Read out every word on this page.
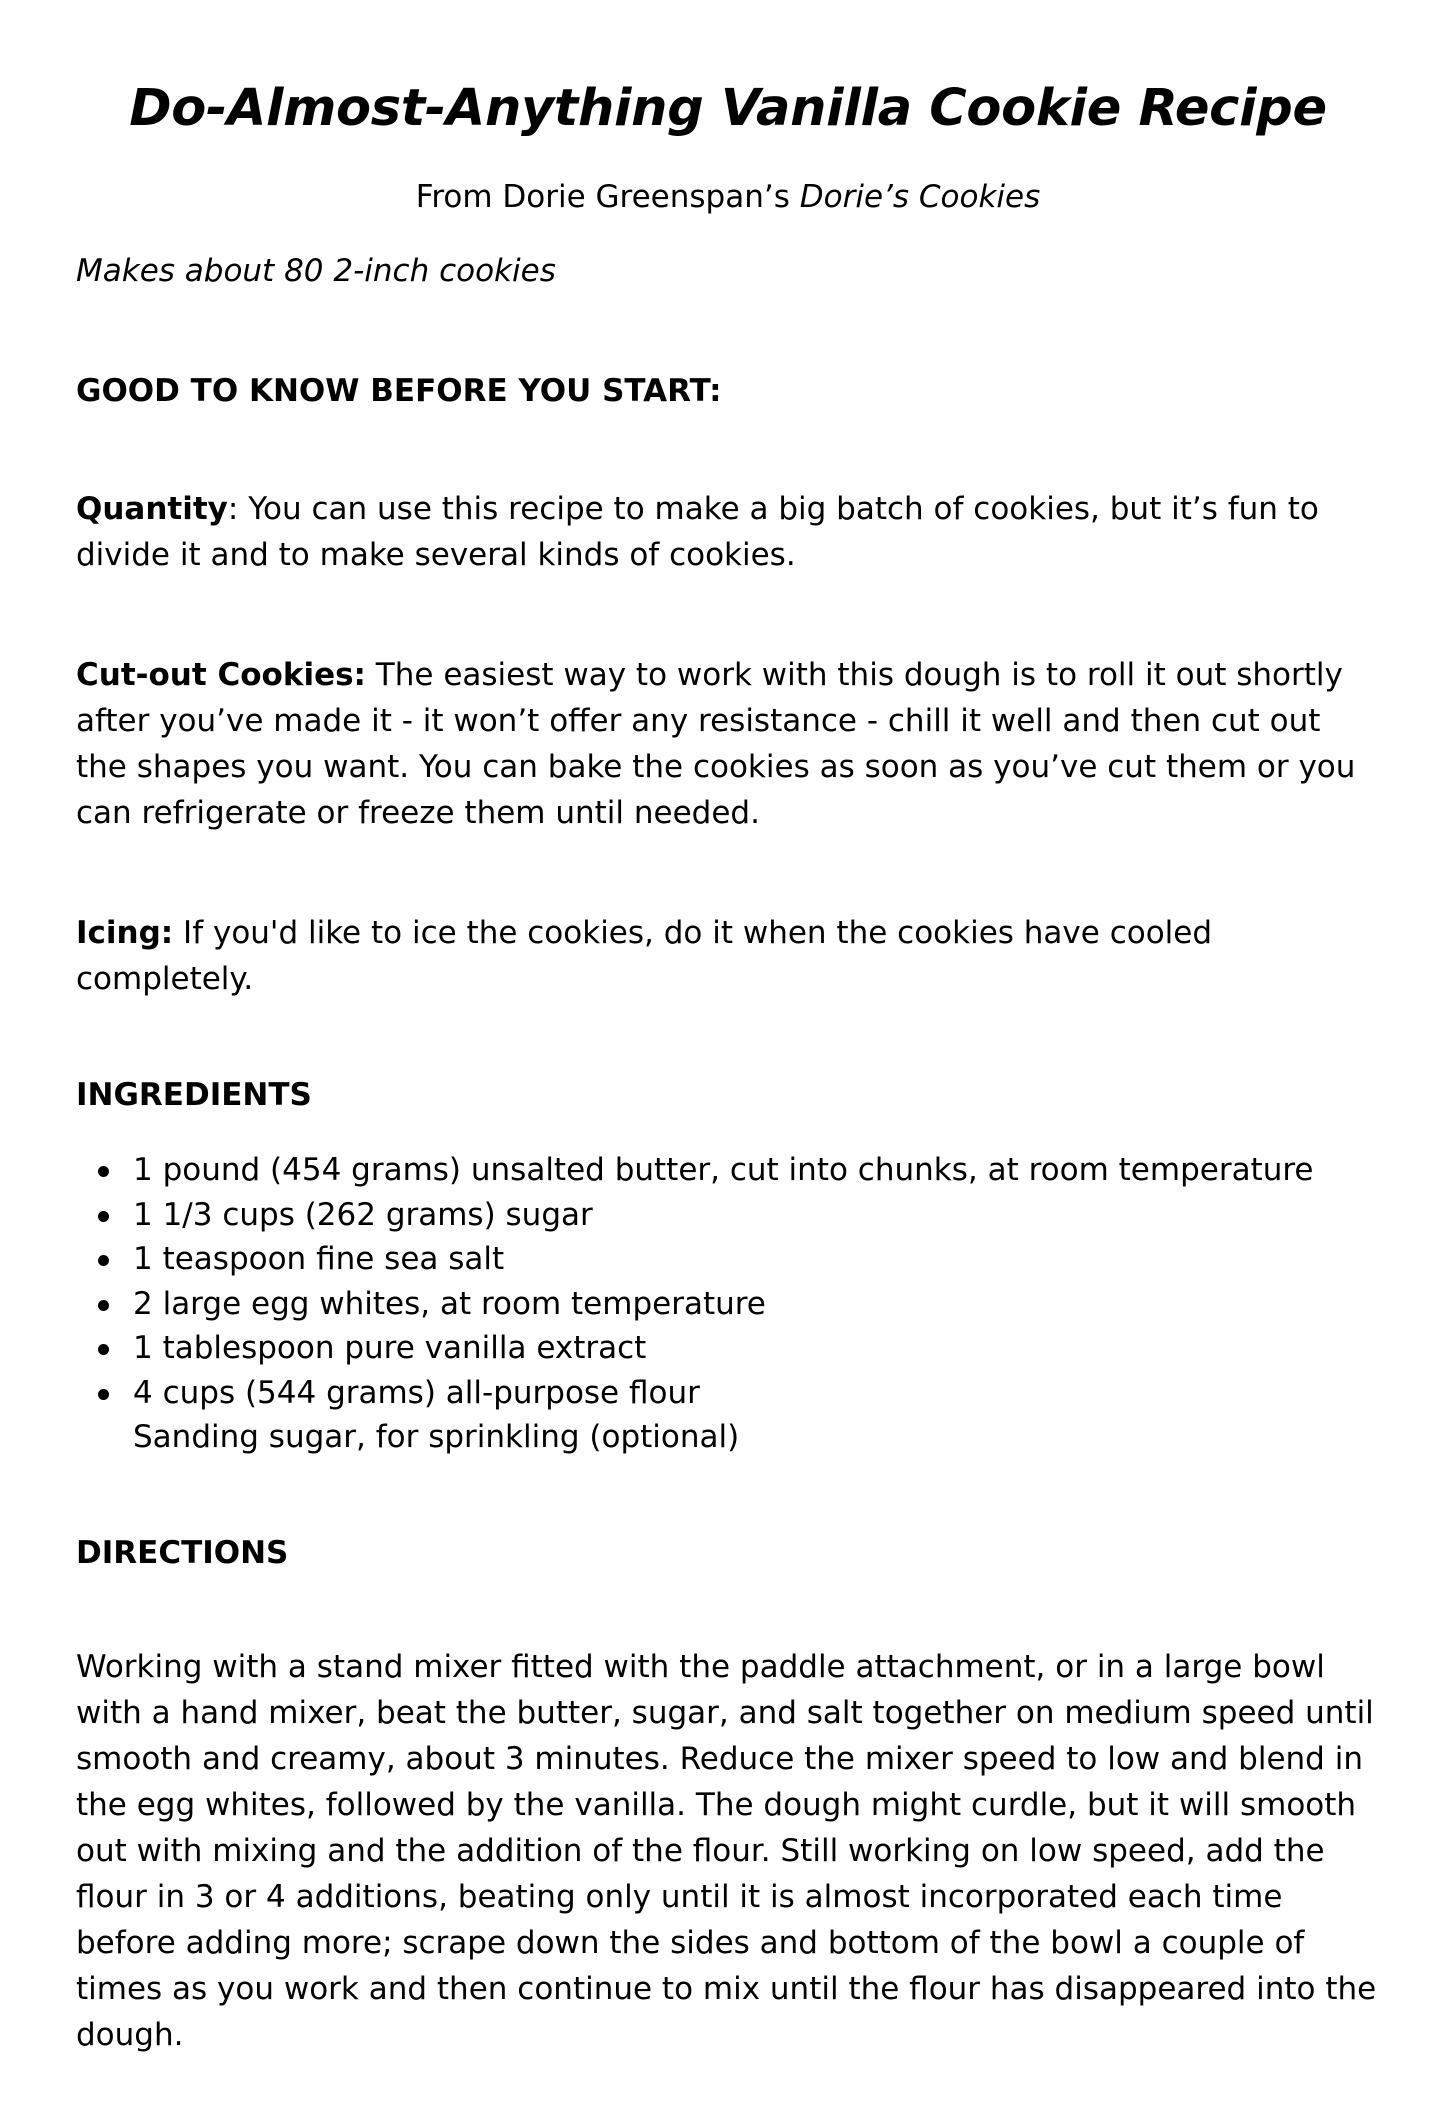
Do-Almost-Anything Vanilla Cookie Recipe

From Dorie Greenspan’s Dorie’s Cookies

Makes about 80 2-inch cookies

GOOD TO KNOW BEFORE YOU START:

Quantity: You can use this recipe to make a big batch of cookies, but it’s fun to divide it and to make several kinds of cookies.

Cut-out Cookies: The easiest way to work with this dough is to roll it out shortly after you’ve made it - it won’t offer any resistance - chill it well and then cut out the shapes you want. You can bake the cookies as soon as you’ve cut them or you can refrigerate or freeze them until needed.

Icing: If you'd like to ice the cookies, do it when the cookies have cooled completely.

INGREDIENTS
1 pound (454 grams) unsalted butter, cut into chunks, at room temperature
1 1/3 cups (262 grams) sugar
1 teaspoon fine sea salt
2 large egg whites, at room temperature
1 tablespoon pure vanilla extract
4 cups (544 grams) all-purpose flour
Sanding sugar, for sprinkling (optional)
DIRECTIONS

Working with a stand mixer fitted with the paddle attachment, or in a large bowl with a hand mixer, beat the butter, sugar, and salt together on medium speed until smooth and creamy, about 3 minutes. Reduce the mixer speed to low and blend in the egg whites, followed by the vanilla. The dough might curdle, but it will smooth out with mixing and the addition of the flour. Still working on low speed, add the flour in 3 or 4 additions, beating only until it is almost incorporated each time before adding more; scrape down the sides and bottom of the bowl a couple of times as you work and then continue to mix until the flour has disappeared into the dough.
